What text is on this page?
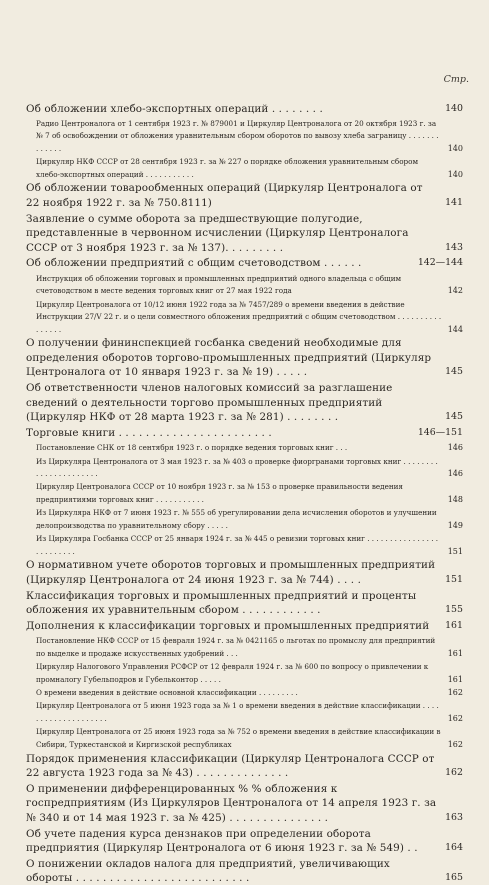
Стр.
Об обложении хлебо-экспортных операций . . . . . . . .	140
Радио Центроналога от 1 сентября 1923 г. № 879001 и Циркуляр Центроналога от 20 октября 1923 г. за № 7 об освобождении от обложения уравнительным сбором оборотов по вывозу хлеба заграницу . . . . . . . . . . . . .	140
Циркуляр НКФ СССР от 28 сентября 1923 г. за № 227 о порядке обложения уравнительным сбором хлебо-экспортных операций . . . . . . . . . . .	140
Об обложении товарообменных операций (Циркуляр Центроналога от 22 ноября 1922 г. за № 750.8111)	141
Заявление о сумме оборота за предшествующие полугодие, представленные в червонном исчислении (Циркуляр Центроналога СССР от 3 ноября 1923 г. за № 137). . . . . . . . .	143
Об обложении предприятий с общим счетоводством . . . . . .	142—144
Инструкция об обложении торговых и промышленных предприятий одного владельца с общим счетоводством в месте ведения торговых книг от 27 мая 1922 года	142
Циркуляр Центроналога от 10/12 июня 1922 года за № 7457/289 о времени введения в действие Инструкции 27/V 22 г. и о цели совместного обложения предприятий с общим счетоводством . . . . . . . . . . . . . . . .	144
О получении фининспекцией госбанка сведений необходимые для определения оборотов торгово-промышленных предприятий (Циркуляр Центроналога от 10 января 1923 г. за № 19) . . . . .	145
Об ответственности членов налоговых комиссий за разглашение сведений о деятельности торгово промышленных предприятий (Циркуляр НКФ от 28 марта 1923 г. за № 281) . . . . . . . .	145
Торговые книги . . . . . . . . . . . . . . . . . . . . . . .	146—151
Постановление СНК от 18 сентября 1923 г. о порядке ведения торговых книг . . .	146
Из Циркуляра Центроналога от 3 мая 1923 г. за № 403 о проверке фиоргранами торговых книг . . . . . . . . . . . . . . . . . . . . . .	146
Циркуляр Центроналога СССР от 10 ноября 1923 г. за № 153 о проверке правильности ведения предприятиями торговых книг . . . . . . . . . . .	148
Из Циркуляра НКФ от 7 июня 1923 г. № 555 об урегулировании дела исчисления оборотов и улучшении делопроизводства по уравнительному сбору . . . . .	149
Из Циркуляра Госбанка СССР от 25 января 1924 г. за № 445 о ревизии торговых книг . . . . . . . . . . . . . . . . . . . . . . . . .	151
О нормативном учете оборотов торговых и промышленных предприятий (Циркуляр Центроналога от 24 июня 1923 г. за № 744) . . . .	151
Классификация торговых и промышленных предприятий и проценты обложения их уравнительным сбором . . . . . . . . . . . .	155
Дополнения к классификации торговых и промышленных предприятий 161
Постановление НКФ СССР от 15 февраля 1924 г. за № 0421165 о льготах по промыслу для предприятий по выделке и продаже искусственных удобрений . . .	161
Циркуляр Налогового Управления РСФСР от 12 февраля 1924 г. за № 600 по вопросу о привлечении к промналогу Губельподров и Губельконтор . . . . .	161
О времени введения в действие основной классификации . . . . . . . . .	162
Циркуляр Центроналога от 5 июня 1923 года за № 1 о времени введения в действие классификации . . . . . . . . . . . . . . . . . . . .	162
Циркуляр Центроналога от 25 июня 1923 года за № 752 о времени введения в действие классификации в Сибири, Туркестанской и Киргизской республиках	162
Порядок применения классификации (Циркуляр Центроналога СССР от 22 августа 1923 года за № 43) . . . . . . . . . . . . . .	162
О применении дифференцированных % % обложения к госпредприятиям (Из Циркуляров Центроналога от 14 апреля 1923 г. за № 340 и от 14 мая 1923 г. за № 425) . . . . . . . . . . . . . . .	163
Об учете падения курса дензнаков при определении оборота предприятия (Циркуляр Центроналога от 6 июня 1923 г. за № 549) . .	164
О понижении окладов налога для предприятий, увеличивающих обороты . . . . . . . . . . . . . . . . . . . . . . . . . .	165
